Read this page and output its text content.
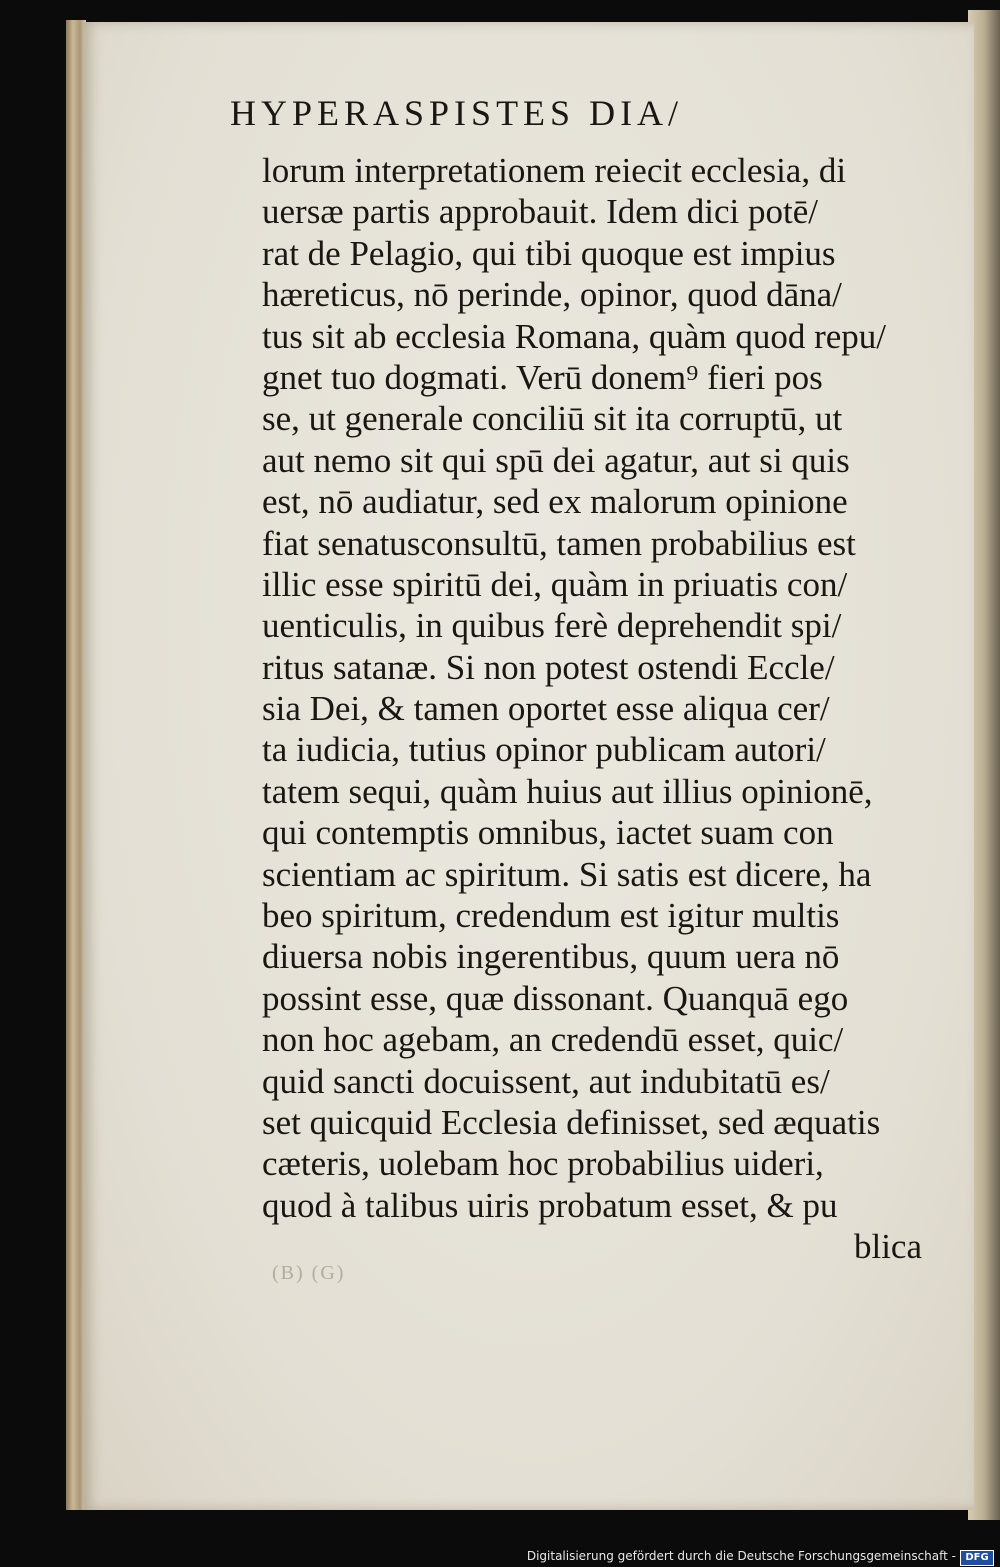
HYPERASPISTES DIA/
lorum interpretationem reiecit ecclesia, di
uersæ partis approbauit. Idem dici potē/
rat de Pelagio, qui tibi quoque est impius
hæreticus, nō perinde, opinor, quod dāna/
tus sit ab ecclesia Romana, quàm quod repu/
gnet tuo dogmati. Verū donem⁹ fieri pos
se, ut generale conciliū sit ita corruptū, ut
aut nemo sit qui spū dei agatur, aut si quis
est, nō audiatur, sed ex malorum opinione
fiat senatusconsultū, tamen probabilius est
illic esse spiritū dei, quàm in priuatis con/
uenticulis, in quibus ferè deprehendit spi/
ritus satanæ. Si non potest ostendi Eccle/
sia Dei, & tamen oportet esse aliqua cer/
ta iudicia, tutius opinor publicam autori/
tatem sequi, quàm huius aut illius opinionē,
qui contemptis omnibus, iactet suam con
scientiam ac spiritum. Si satis est dicere, ha
beo spiritum, credendum est igitur multis
diuersa nobis ingerentibus, quum uera nō
possint esse, quæ dissonant. Quanquā ego
non hoc agebam, an credendū esset, quic/
quid sancti docuissent, aut indubitatū es/
set quicquid Ecclesia definisset, sed æquatis
cæteris, uolebam hoc probabilius uideri,
quod à talibus uiris probatum esset, & pu
blica
(B) (G)
Digitalisierung gefördert durch die Deutsche Forschungsgemeinschaft - DFG
